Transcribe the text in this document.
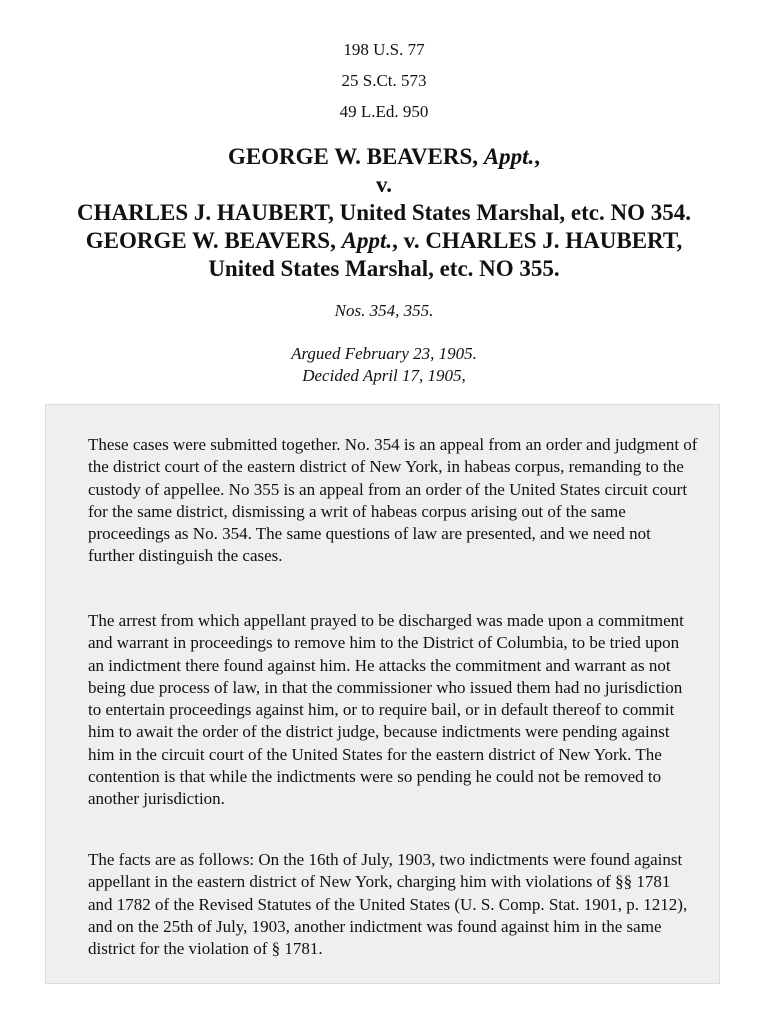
198 U.S. 77
25 S.Ct. 573
49 L.Ed. 950
GEORGE W. BEAVERS, Appt.,
v.
CHARLES J. HAUBERT, United States Marshal, etc. NO 354.
GEORGE W. BEAVERS, Appt., v. CHARLES J. HAUBERT,
United States Marshal, etc. NO 355.
Nos. 354, 355.
Argued February 23, 1905.
Decided April 17, 1905,

These cases were submitted together. No. 354 is an appeal from an order and judgment of the district court of the eastern district of New York, in habeas corpus, remanding to the custody of appellee. No 355 is an appeal from an order of the United States circuit court for the same district, dismissing a writ of habeas corpus arising out of the same proceedings as No. 354. The same questions of law are presented, and we need not further distinguish the cases.

The arrest from which appellant prayed to be discharged was made upon a commitment and warrant in proceedings to remove him to the District of Columbia, to be tried upon an indictment there found against him. He attacks the commitment and warrant as not being due process of law, in that the commissioner who issued them had no jurisdiction to entertain proceedings against him, or to require bail, or in default thereof to commit him to await the order of the district judge, because indictments were pending against him in the circuit court of the United States for the eastern district of New York. The contention is that while the indictments were so pending he could not be removed to another jurisdiction.

The facts are as follows: On the 16th of July, 1903, two indictments were found against appellant in the eastern district of New York, charging him with violations of §§ 1781 and 1782 of the Revised Statutes of the United States (U. S. Comp. Stat. 1901, p. 1212), and on the 25th of July, 1903, another indictment was found against him in the same district for the violation of § 1781.
